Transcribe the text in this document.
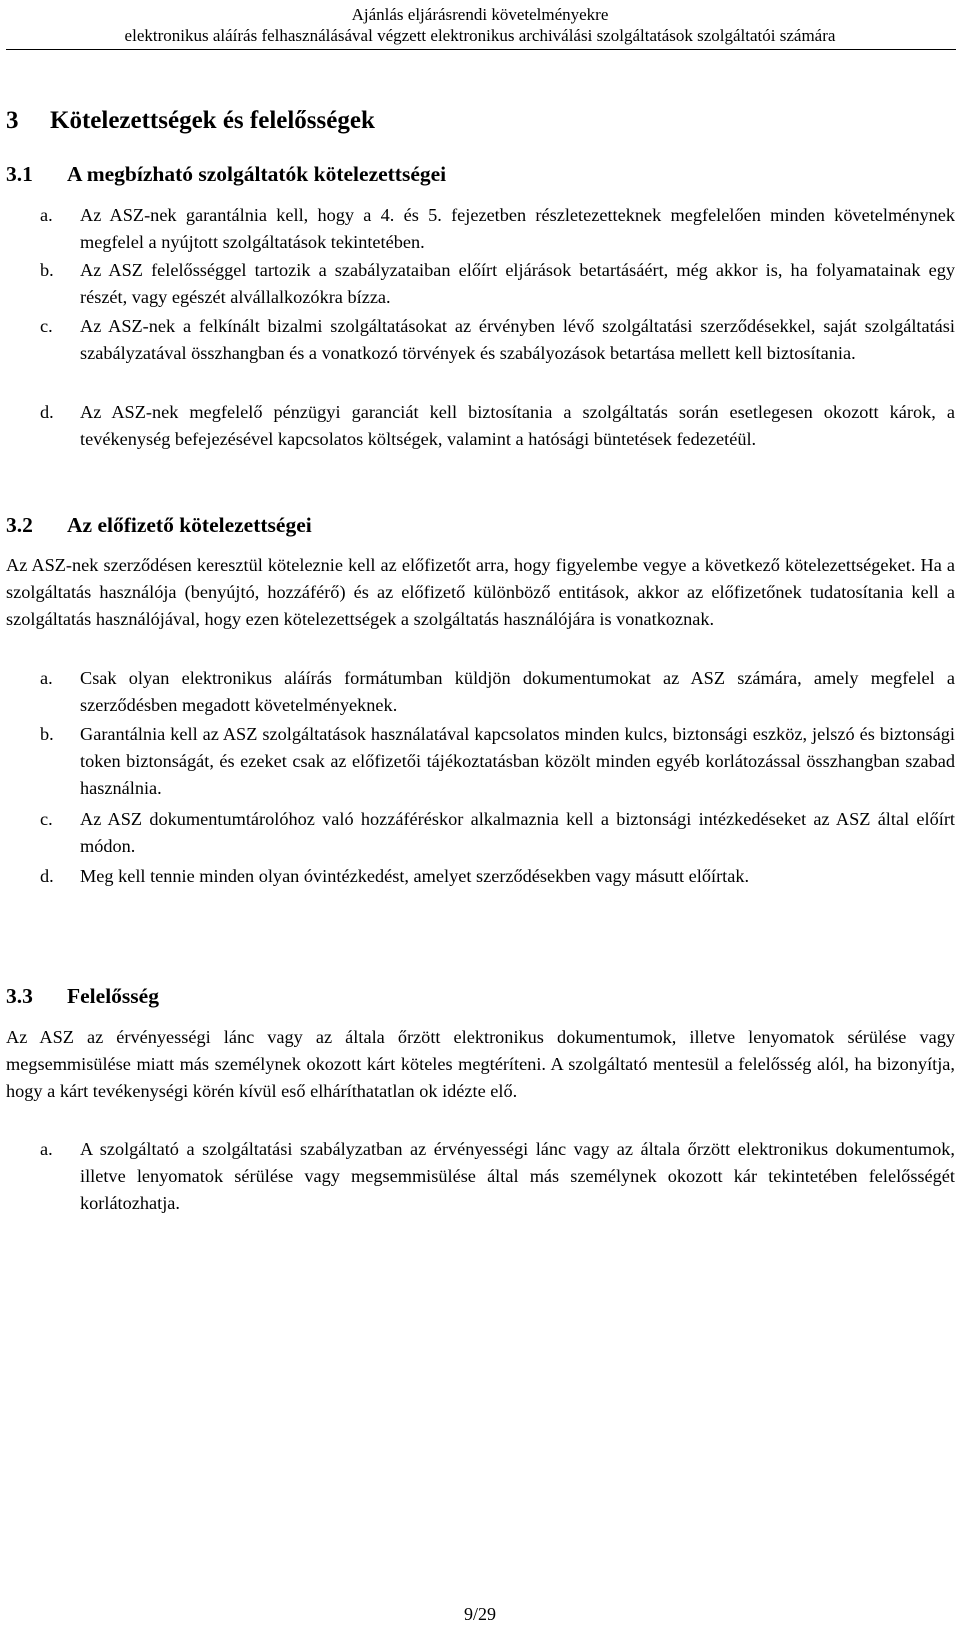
Ajánlás eljárásrendi követelményekre
elektronikus aláírás felhasználásával végzett elektronikus archiválási szolgáltatások szolgáltatói számára
3 Kötelezettségek és felelősségek
3.1 A megbízható szolgáltatók kötelezettségei
a. Az ASZ-nek garantálnia kell, hogy a 4. és 5. fejezetben részletezetteknek megfelelően minden követelménynek megfelel a nyújtott szolgáltatások tekintetében.
b. Az ASZ felelősséggel tartozik a szabályzataiban előírt eljárások betartásáért, még akkor is, ha folyamatainak egy részét, vagy egészét alvállalkozókra bízza.
c. Az ASZ-nek a felkínált bizalmi szolgáltatásokat az érvényben lévő szolgáltatási szerződésekkel, saját szolgáltatási szabályzatával összhangban és a vonatkozó törvények és szabályozások betartása mellett kell biztosítania.
d. Az ASZ-nek megfelelő pénzügyi garanciát kell biztosítania a szolgáltatás során esetlegesen okozott károk, a tevékenység befejezésével kapcsolatos költségek, valamint a hatósági büntetések fedezetéül.
3.2 Az előfizető kötelezettségei
Az ASZ-nek szerződésen keresztül köteleznie kell az előfizetőt arra, hogy figyelembe vegye a következő kötelezettségeket. Ha a szolgáltatás használója (benyújtó, hozzáférő) és az előfizető különböző entitások, akkor az előfizetőnek tudatosítania kell a szolgáltatás használójával, hogy ezen kötelezettségek a szolgáltatás használójára is vonatkoznak.
a. Csak olyan elektronikus aláírás formátumban küldjön dokumentumokat az ASZ számára, amely megfelel a szerződésben megadott követelményeknek.
b. Garantálnia kell az ASZ szolgáltatások használatával kapcsolatos minden kulcs, biztonsági eszköz, jelszó és biztonsági token biztonságát, és ezeket csak az előfizetői tájékoztatásban közölt minden egyéb korlátozással összhangban szabad használnia.
c. Az ASZ dokumentumtárolóhoz való hozzáféréskor alkalmaznia kell a biztonsági intézkedéseket az ASZ által előírt módon.
d. Meg kell tennie minden olyan óvintézkedést, amelyet szerződésekben vagy másutt előírtak.
3.3 Felelősség
Az ASZ az érvényességi lánc vagy az általa őrzött elektronikus dokumentumok, illetve lenyomatok sérülése vagy megsemmisülése miatt más személynek okozott kárt köteles megtéríteni. A szolgáltató mentesül a felelősség alól, ha bizonyítja, hogy a kárt tevékenységi körén kívül eső elháríthatatlan ok idézte elő.
a. A szolgáltató a szolgáltatási szabályzatban az érvényességi lánc vagy az általa őrzött elektronikus dokumentumok, illetve lenyomatok sérülése vagy megsemmisülése által más személynek okozott kár tekintetében felelősségét korlátozhatja.
9/29
